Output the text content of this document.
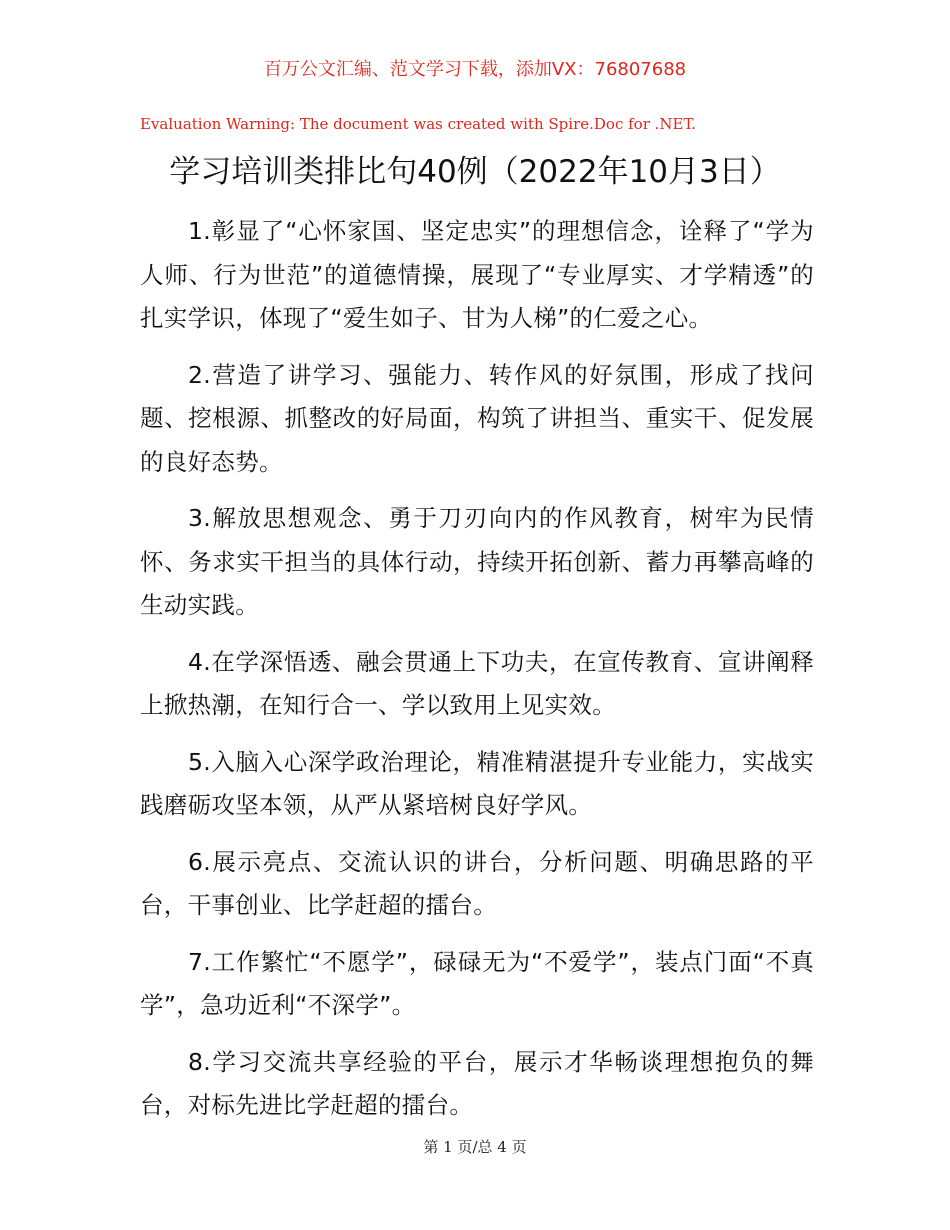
百万公文汇编、范文学习下载，添加VX：76807688
Evaluation Warning: The document was created with Spire.Doc for .NET.
学习培训类排比句40例（2022年10月3日）

1.彰显了“心怀家国、坚定忠实”的理想信念，诠释了“学为人师、行为世范”的道德情操，展现了“专业厚实、才学精透”的扎实学识，体现了“爱生如子、甘为人梯”的仁爱之心。

2.营造了讲学习、强能力、转作风的好氛围，形成了找问题、挖根源、抓整改的好局面，构筑了讲担当、重实干、促发展的良好态势。

3.解放思想观念、勇于刀刃向内的作风教育，树牢为民情怀、务求实干担当的具体行动，持续开拓创新、蓄力再攀高峰的生动实践。

4.在学深悟透、融会贯通上下功夫，在宣传教育、宣讲阐释上掀热潮，在知行合一、学以致用上见实效。

5.入脑入心深学政治理论，精准精湛提升专业能力，实战实践磨砺攻坚本领，从严从紧培树良好学风。

6.展示亮点、交流认识的讲台，分析问题、明确思路的平台，干事创业、比学赶超的擂台。

7.工作繁忙“不愿学”，碌碌无为“不爱学”，装点门面“不真学”，急功近利“不深学”。

8.学习交流共享经验的平台，展示才华畅谈理想抱负的舞台，对标先进比学赶超的擂台。

第 1 页/总 4 页
